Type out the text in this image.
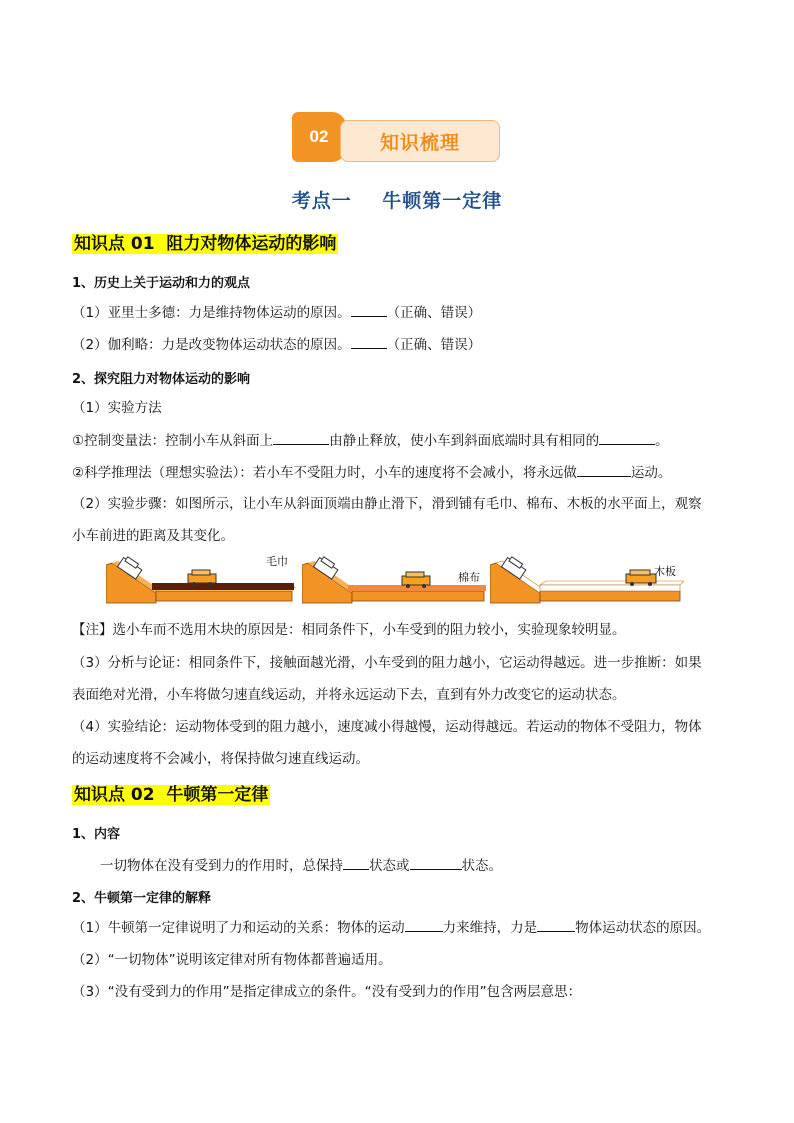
02	知识梳理
考点一    牛顿第一定律
知识点 01  阻力对物体运动的影响
1、历史上关于运动和力的观点
（1）亚里士多德：力是维持物体运动的原因。	（正确、错误）
（2）伽利略：力是改变物体运动状态的原因。	（正确、错误）
2、探究阻力对物体运动的影响
（1）实验方法
①控制变量法：控制小车从斜面上	由静止释放，使小车到斜面底端时具有相同的	。
②科学推理法（理想实验法）：若小车不受阻力时，小车的速度将不会减小，将永远做	运动。
（2）实验步骤：如图所示，让小车从斜面顶端由静止滑下，滑到铺有毛巾、棉布、木板的水平面上，观察
小车前进的距离及其变化。
毛巾
棉布	木板
【注】选小车而不选用木块的原因是：相同条件下，小车受到的阻力较小，实验现象较明显。
（3）分析与论证：相同条件下，接触面越光滑，小车受到的阻力越小，它运动得越远。进一步推断：如果
表面绝对光滑，小车将做匀速直线运动，并将永远运动下去，直到有外力改变它的运动状态。
（4）实验结论：运动物体受到的阻力越小，速度减小得越慢，运动得越远。若运动的物体不受阻力，物体
的运动速度将不会减小，将保持做匀速直线运动。
知识点 02  牛顿第一定律
1、内容
一切物体在没有受到力的作用时，总保持 状态或	状态。
2、牛顿第一定律的解释
（1）牛顿第一定律说明了力和运动的关系：物体的运动	力来维持，力是	物体运动状态的原因。
（2）“一切物体”说明该定律对所有物体都普遍适用。
（3）“没有受到力的作用”是指定律成立的条件。“没有受到力的作用”包含两层意思：
